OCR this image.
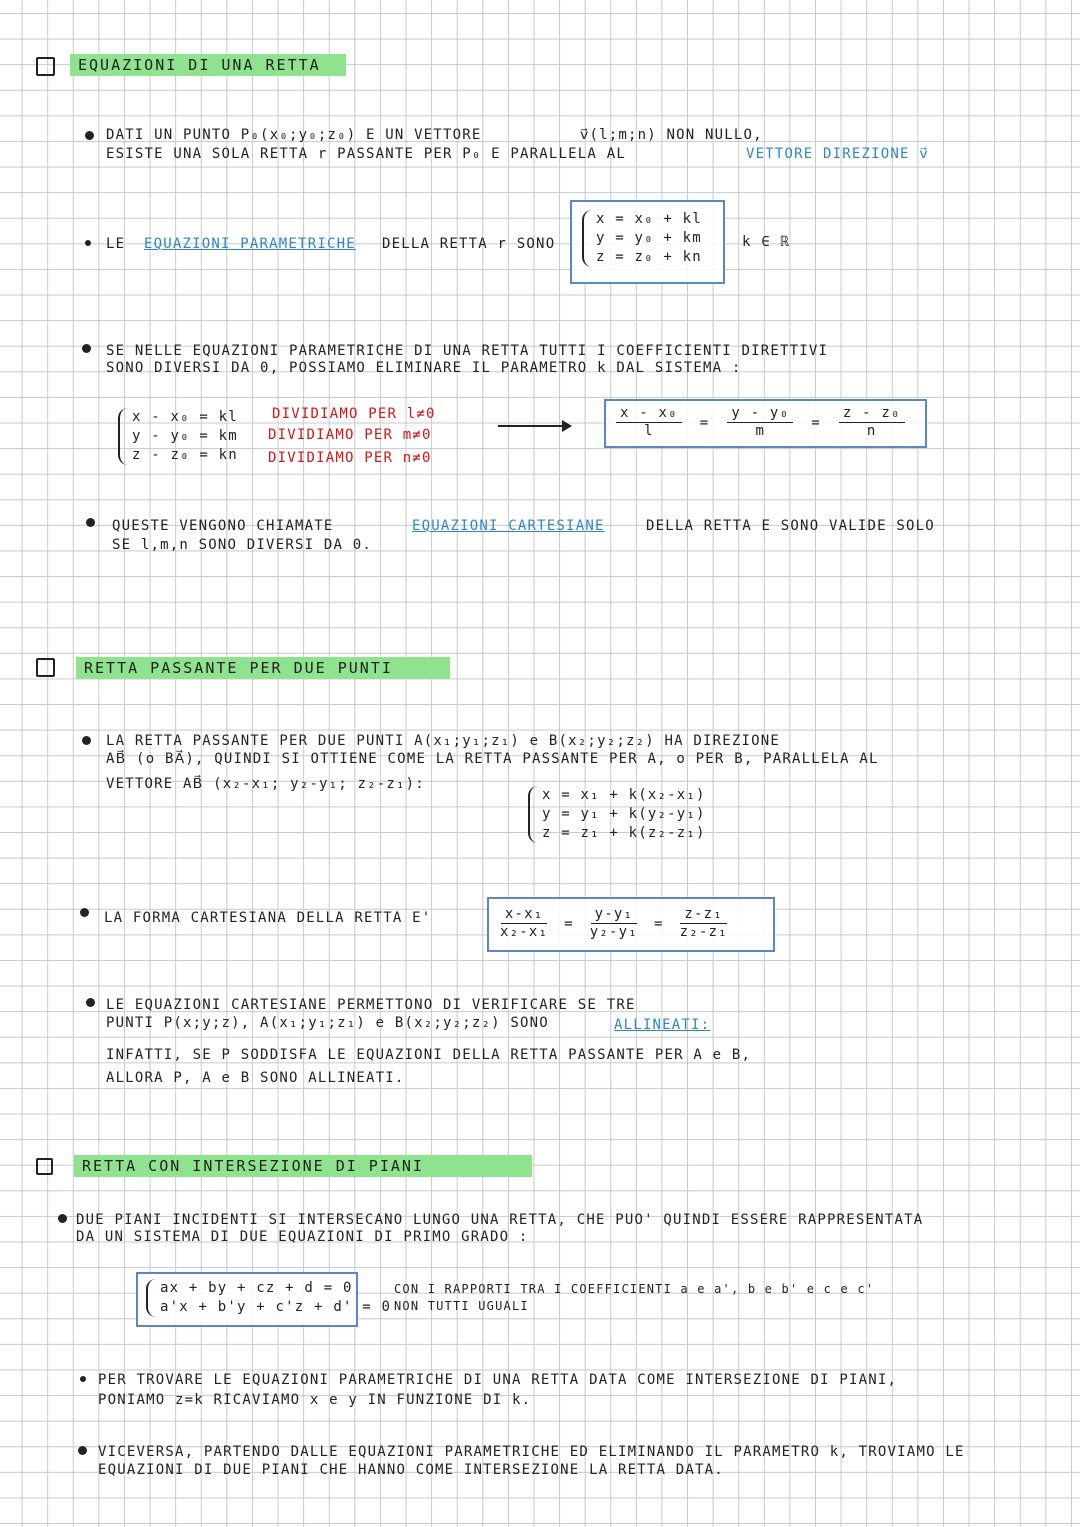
EQUAZIONI DI UNA RETTA
DATI UN PUNTO P₀(x₀;y₀;z₀) E UN VETTORE	v⃗(l;m;n) NON NULLO,
ESISTE UNA SOLA RETTA r PASSANTE PER P₀ E PARALLELA AL	VETTORE DIREZIONE v⃗
LE EQUAZIONI PARAMETRICHE DELLA RETTA r SONO
x = x₀ + kl
y = y₀ + km
z = z₀ + kn
k ∈ ℝ
SE NELLE EQUAZIONI PARAMETRICHE DI UNA RETTA TUTTI I COEFFICIENTI DIRETTIVI
SONO DIVERSI DA 0, POSSIAMO ELIMINARE IL PARAMETRO k DAL SISTEMA :
x - x₀ = kl
y - y₀ = km
z - z₀ = kn
DIVIDIAMO PER l≠0
DIVIDIAMO PER m≠0
DIVIDIAMO PER n≠0
$\frac{\text{x - x₀}}{l} = \frac{\text{y - y₀}}{m} = \frac{\text{z - z₀}}{n}$
QUESTE VENGONO CHIAMATE	EQUAZIONI CARTESIANE	DELLA RETTA E SONO VALIDE SOLO
SE l,m,n SONO DIVERSI DA 0.
RETTA PASSANTE PER DUE PUNTI
LA RETTA PASSANTE PER DUE PUNTI A(x₁;y₁;z₁) e B(x₂;y₂;z₂) HA DIREZIONE
AB⃗ (o BA⃗), QUINDI SI OTTIENE COME LA RETTA PASSANTE PER A, o PER B, PARALLELA AL
VETTORE AB⃗ (x₂-x₁; y₂-y₁; z₂-z₁):
x = x₁ + k(x₂-x₁)
y = y₁ + k(y₂-y₁)
z = z₁ + k(z₂-z₁)
LA FORMA CARTESIANA DELLA RETTA E'	$\frac{\text{x-x₁}}{\text{x₂-x₁}} = \frac{\text{y-y₁}}{\text{y₂-y₁}} = \frac{\text{z-z₁}}{\text{z₂-z₁}}$
LE EQUAZIONI CARTESIANE PERMETTONO DI VERIFICARE SE TRE
PUNTI P(x;y;z), A(x₁;y₁;z₁) e B(x₂;y₂;z₂) SONO	ALLINEATI:
INFATTI, SE P SODDISFA LE EQUAZIONI DELLA RETTA PASSANTE PER A e B,
ALLORA P, A e B SONO ALLINEATI.
RETTA CON INTERSEZIONE DI PIANI
DUE PIANI INCIDENTI SI INTERSECANO LUNGO UNA RETTA, CHE PUO' QUINDI ESSERE RAPPRESENTATA
DA UN SISTEMA DI DUE EQUAZIONI DI PRIMO GRADO :
ax + by + cz + d = 0
a'x + b'y + c'z + d' = 0
CON I RAPPORTI TRA I COEFFICIENTI a e a', b e b' e c e c'
NON TUTTI UGUALI
PER TROVARE LE EQUAZIONI PARAMETRICHE DI UNA RETTA DATA COME INTERSEZIONE DI PIANI,
PONIAMO z=k RICAVIAMO x e y IN FUNZIONE DI k.
VICEVERSA, PARTENDO DALLE EQUAZIONI PARAMETRICHE ED ELIMINANDO IL PARAMETRO k, TROVIAMO LE
EQUAZIONI DI DUE PIANI CHE HANNO COME INTERSEZIONE LA RETTA DATA.
